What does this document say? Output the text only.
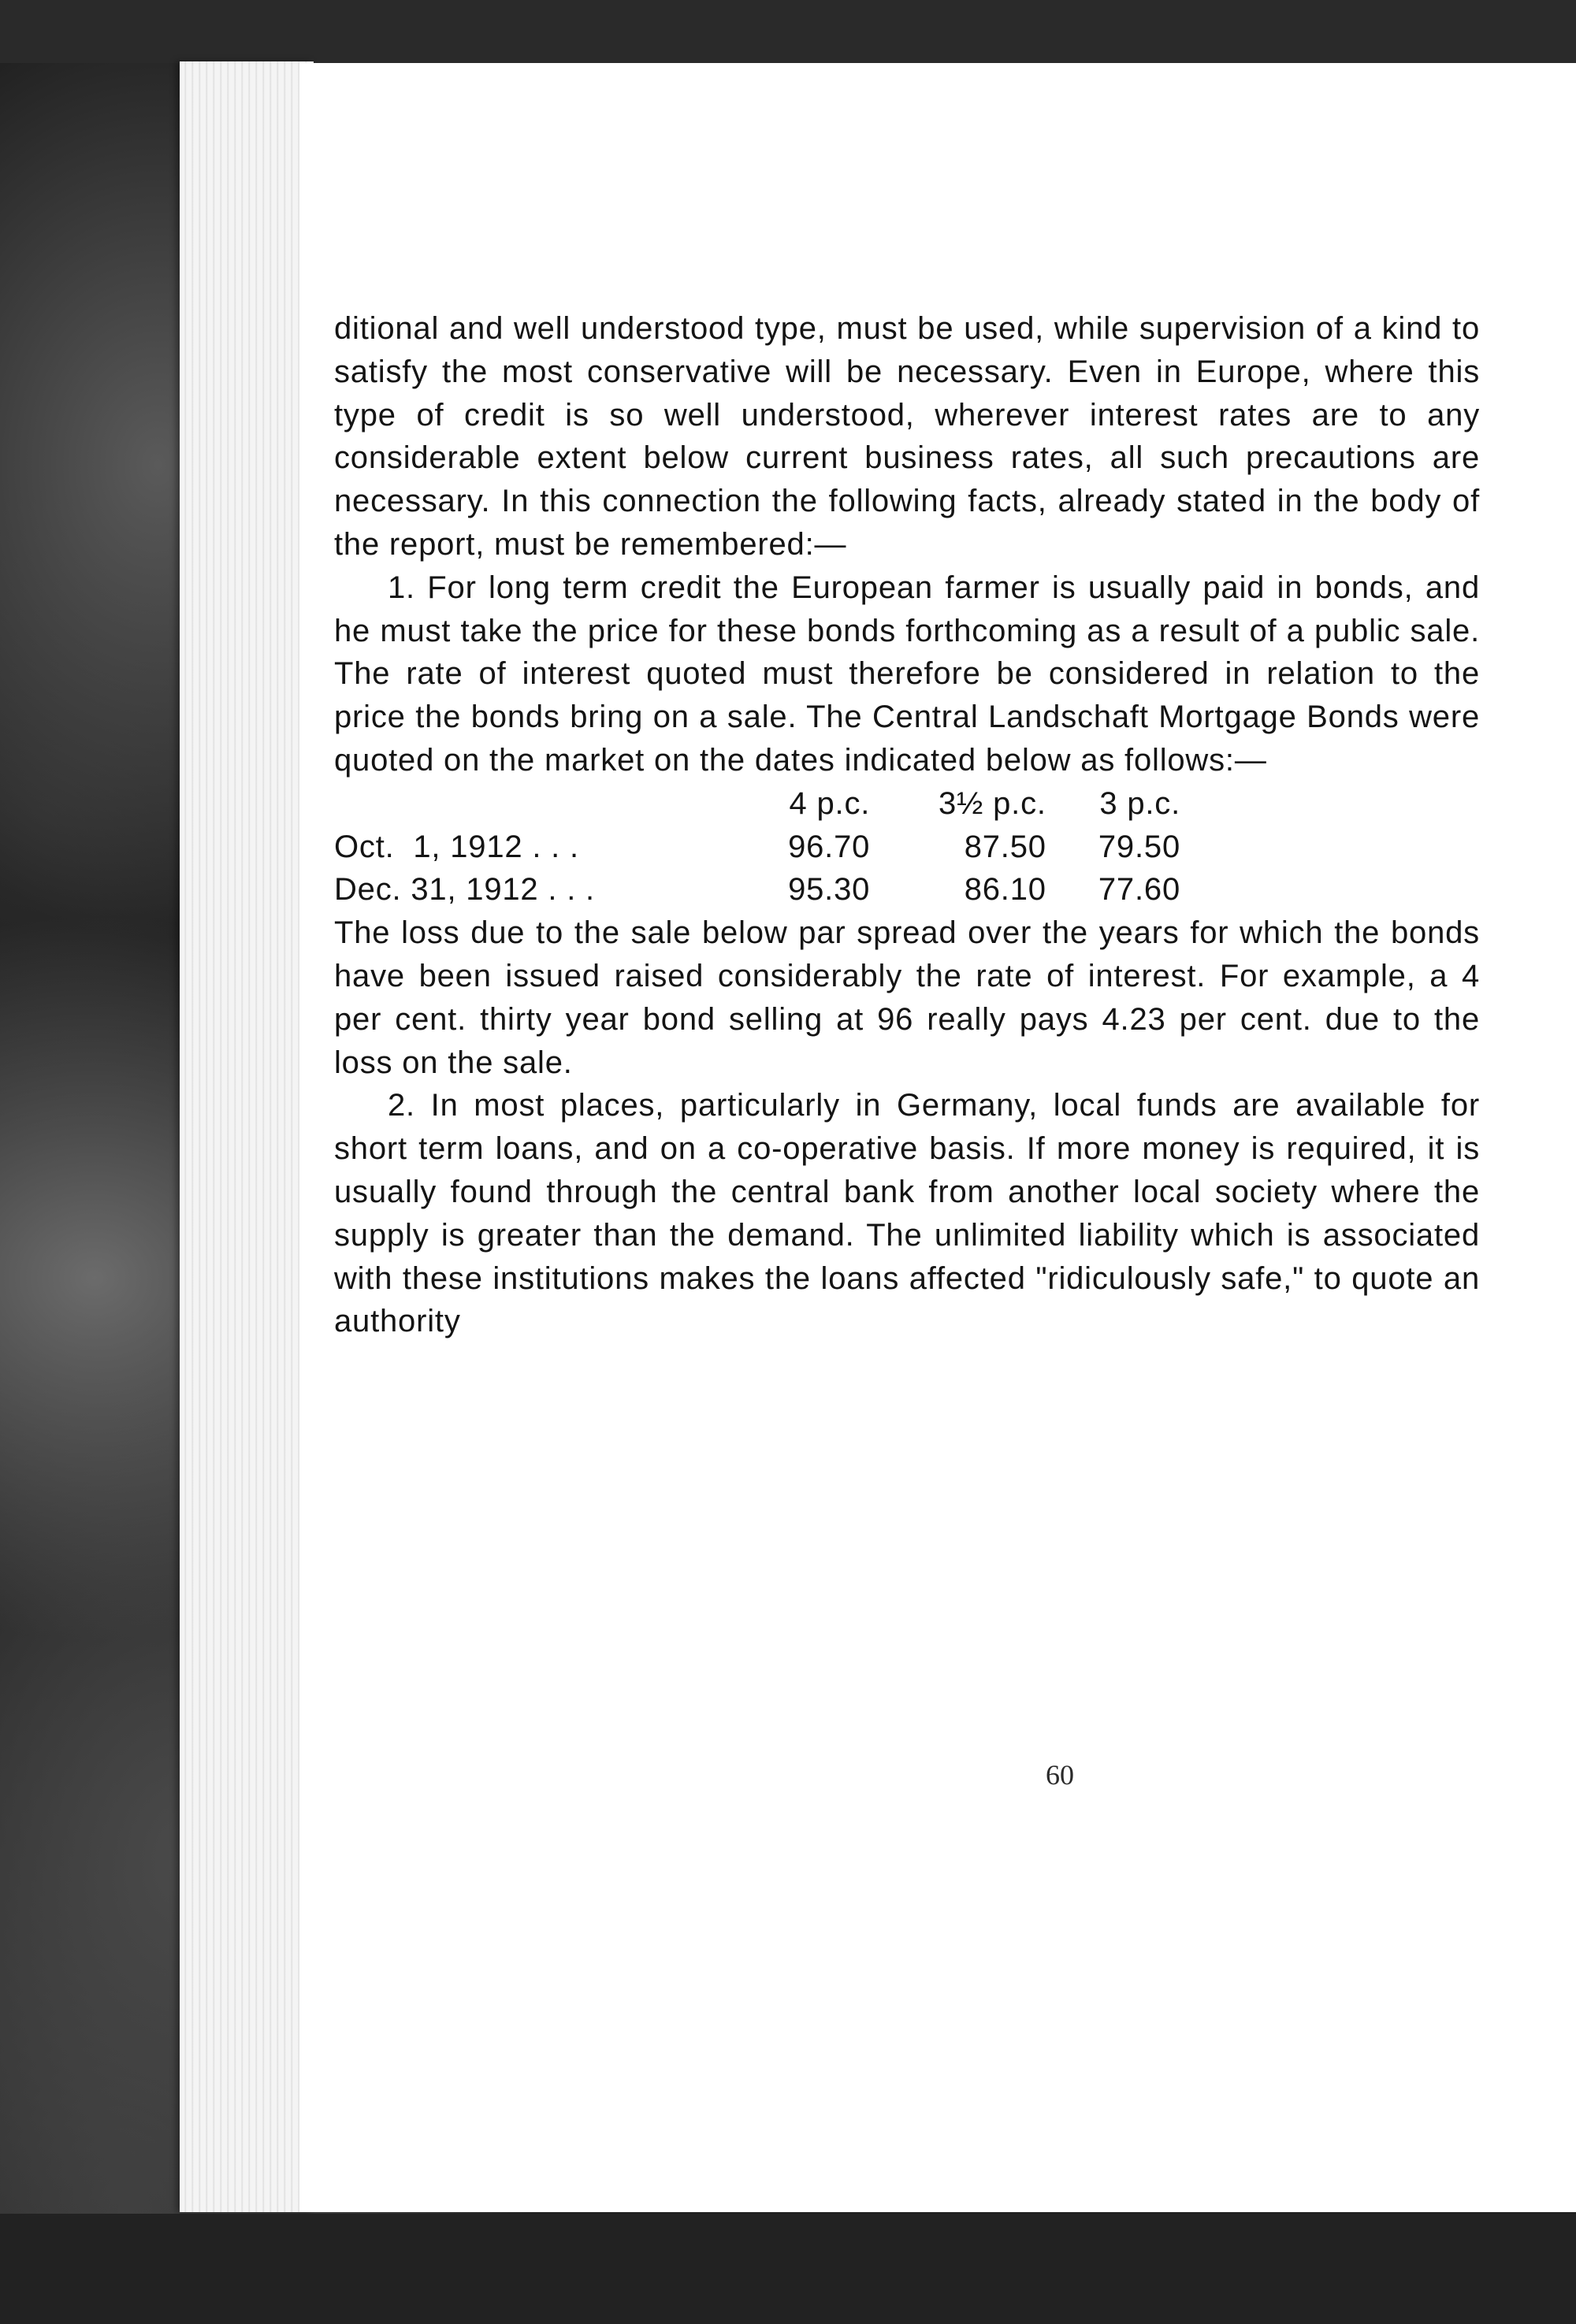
ditional and well understood type, must be used, while supervision of a kind to satisfy the most conservative will be necessary. Even in Europe, where this type of credit is so well understood, wherever interest rates are to any considerable extent below current business rates, all such precautions are necessary. In this connection the following facts, already stated in the body of the report, must be remembered:—

1. For long term credit the European farmer is usually paid in bonds, and he must take the price for these bonds forthcoming as a result of a public sale. The rate of interest quoted must therefore be considered in relation to the price the bonds bring on a sale. The Central Landschaft Mortgage Bonds were quoted on the market on the dates indicated below as follows:—

	4 p.c.	3½ p.c.	3 p.c.
Oct.  1, 1912 . . .	96.70	87.50	79.50
Dec. 31, 1912 . . .	95.30	86.10	77.60

The loss due to the sale below par spread over the years for which the bonds have been issued raised considerably the rate of interest. For example, a 4 per cent. thirty year bond selling at 96 really pays 4.23 per cent. due to the loss on the sale.

2. In most places, particularly in Germany, local funds are available for short term loans, and on a co-operative basis. If more money is required, it is usually found through the central bank from another local society where the supply is greater than the demand. The unlimited liability which is associated with these institutions makes the loans affected "ridiculously safe," to quote an authority

60
